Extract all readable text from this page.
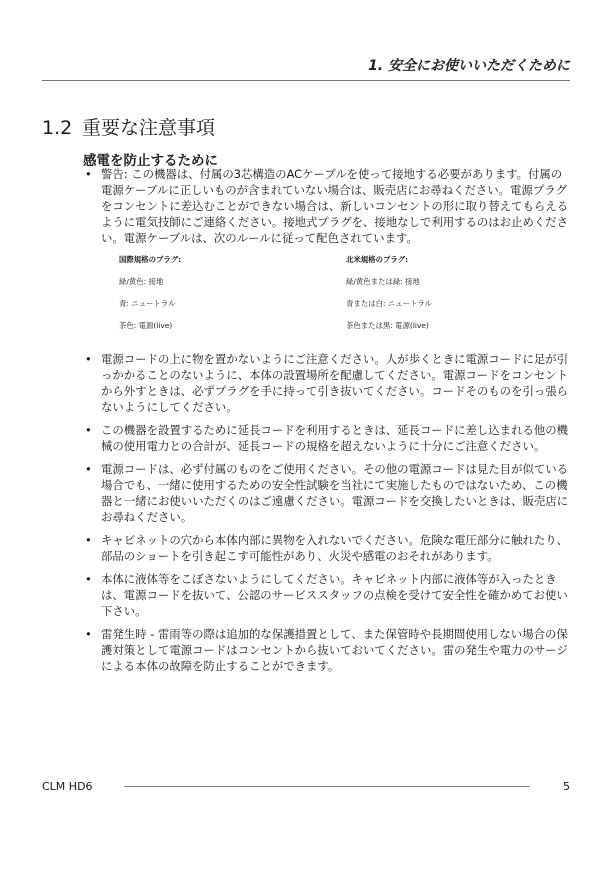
1. 安全にお使いいただくために
1.2 重要な注意事項
感電を防止するために
• 警告: この機器は、付属の3芯構造のACケーブルを使って接地する必要があります。付属の電源ケーブルに正しいものが含まれていない場合は、販売店にお尋ねください。電源プラグをコンセントに差込むことができない場合は、新しいコンセントの形に取り替えてもらえるように電気技師にご連絡ください。接地式プラグを、接地なしで利用するのはお止めください。電源ケーブルは、次のルールに従って配色されています。
国際規格のプラグ:	北米規格のプラグ:
緑/黄色: 接地	緑/黄色または緑: 接地
青: ニュートラル	青または白: ニュートラル
茶色: 電源(live)	茶色または黒: 電源(live)
• 電源コードの上に物を置かないようにご注意ください。人が歩くときに電源コードに足が引っかかることのないように、本体の設置場所を配慮してください。電源コードをコンセントから外すときは、必ずプラグを手に持って引き抜いてください。コードそのものを引っ張らないようにしてください。
• この機器を設置するために延長コードを利用するときは、延長コードに差し込まれる他の機械の使用電力との合計が、延長コードの規格を超えないように十分にご注意ください。
• 電源コードは、必ず付属のものをご使用ください。その他の電源コードは見た目が似ている場合でも、一緒に使用するための安全性試験を当社にて実施したものではないため、この機器と一緒にお使いいただくのはご遠慮ください。電源コードを交換したいときは、販売店にお尋ねください。
• キャビネットの穴から本体内部に異物を入れないでください。危険な電圧部分に触れたり、部品のショートを引き起こす可能性があり、火災や感電のおそれがあります。
• 本体に液体等をこぼさないようにしてください。キャビネット内部に液体等が入ったときは、電源コードを抜いて、公認のサービススタッフの点検を受けて安全性を確かめてお使い下さい。
• 雷発生時 - 雷雨等の際は追加的な保護措置として、また保管時や長期間使用しない場合の保護対策として電源コードはコンセントから抜いておいてください。雷の発生や電力のサージによる本体の故障を防止することができます。
CLM HD6	5
